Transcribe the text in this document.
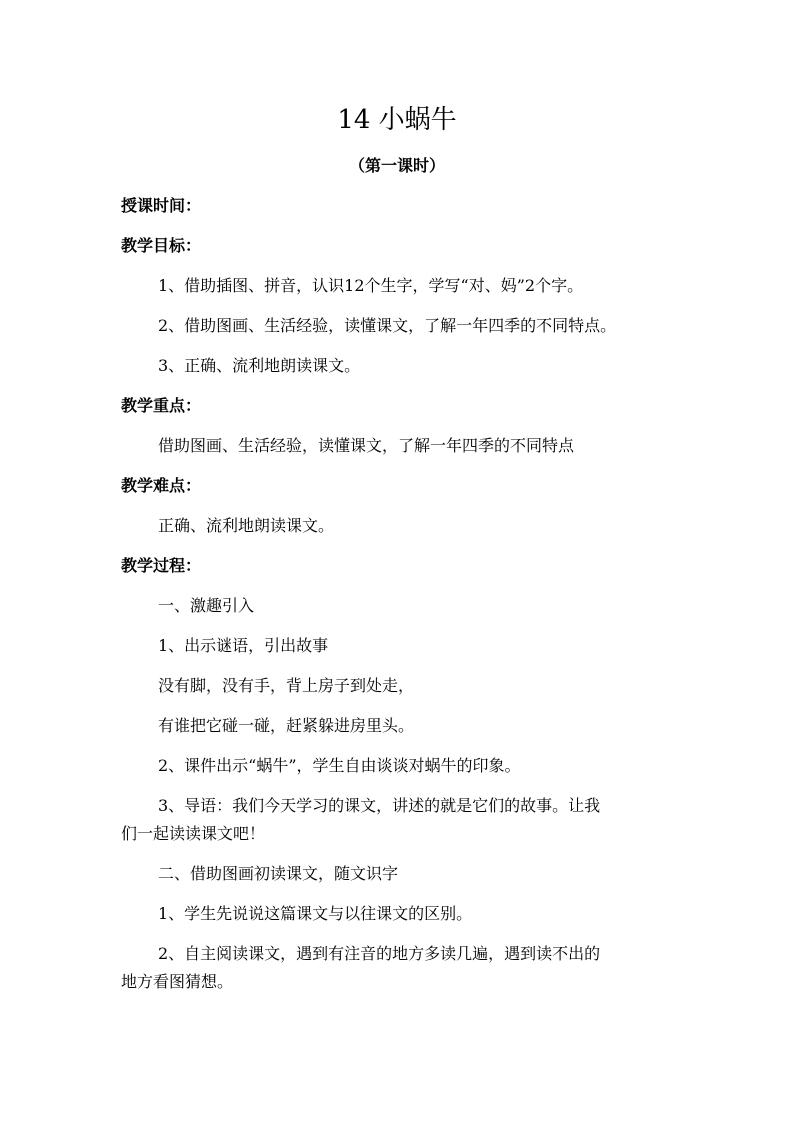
14 小蜗牛
（第一课时）
授课时间：
教学目标：
1、借助插图、拼音，认识12个生字，学写“对、妈”2个字。
2、借助图画、生活经验，读懂课文，了解一年四季的不同特点。
3、正确、流利地朗读课文。
教学重点：
借助图画、生活经验，读懂课文，了解一年四季的不同特点
教学难点：
正确、流利地朗读课文。
教学过程：
一、激趣引入
1、出示谜语，引出故事
没有脚，没有手，背上房子到处走，
有谁把它碰一碰，赶紧躲进房里头。
2、课件出示“蜗牛”，学生自由谈谈对蜗牛的印象。
3、导语：我们今天学习的课文，讲述的就是它们的故事。让我
们一起读读课文吧！
二、借助图画初读课文，随文识字
1、学生先说说这篇课文与以往课文的区别。
2、自主阅读课文，遇到有注音的地方多读几遍，遇到读不出的
地方看图猜想。
